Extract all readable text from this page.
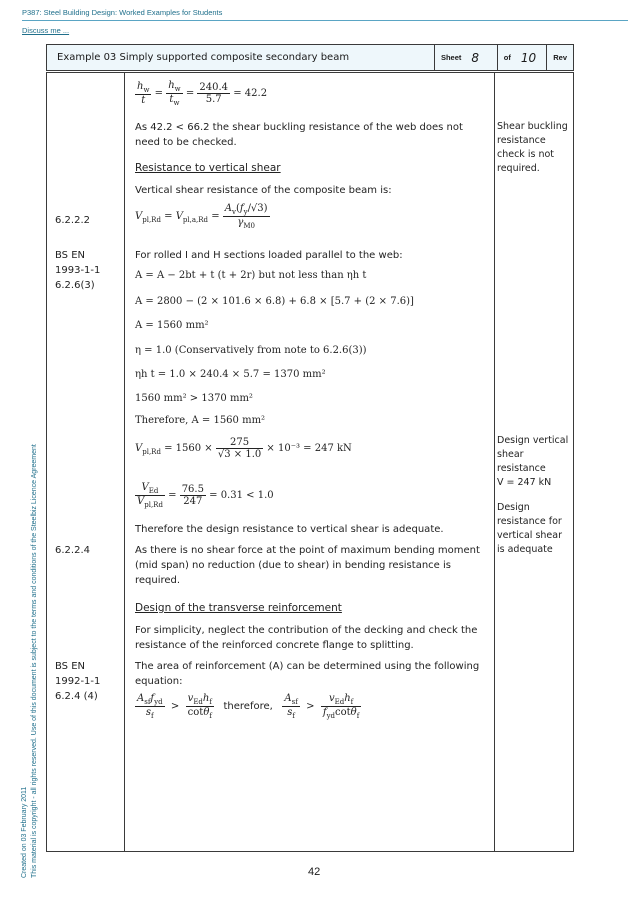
P387: Steel Building Design: Worked Examples for Students
Discuss me ...
Created on 03 February 2011 This material is copyright - all rights reserved. Use of this document is subject to the terms and conditions of the Steelbiz Licence Agreement
Example 03 Simply supported composite secondary beam	Sheet 8	of 10	Rev
$\frac{h_w}{t} = \frac{h_w}{t_w} = \frac{240.4}{5.7} = 42.2$
As 42.2 < 66.2 the shear buckling resistance of the web does not need to be checked.
Shear buckling resistance check is not required.
Resistance to vertical shear
Vertical shear resistance of the composite beam is:
6.2.2.2	$V_{pl,Rd} = V_{pl,a,Rd} = \frac{A_v(f_y/√3)}{\gamma_{M0}}$
BS EN
1993-1-1
6.2.6(3)
For rolled I and H sections loaded parallel to the web:
A = A − 2bt + t (t + 2r) but not less than ηh t
A = 2800 − (2 × 101.6 × 6.8) + 6.8 × [5.7 + (2 × 7.6)]
A = 1560 mm²
η = 1.0 (Conservatively from note to 6.2.6(3))
ηh t = 1.0 × 240.4 × 5.7 = 1370 mm²
1560 mm² > 1370 mm²
Therefore, A = 1560 mm²
$V_{pl,Rd} = 1560 \times \frac{275}{√3 \times 1.0} \times 10^{-3} = 247$ kN
Design vertical shear resistance
V = 247 kN
$\frac{V_{Ed}}{V_{pl,Rd}} = \frac{76.5}{247} = 0.31 < 1.0$
Design resistance for vertical shear is adequate
Therefore the design resistance to vertical shear is adequate.
6.2.2.4	As there is no shear force at the point of maximum bending moment (mid span) no reduction (due to shear) in bending resistance is required.
Design of the transverse reinforcement
For simplicity, neglect the contribution of the decking and check the resistance of the reinforced concrete flange to splitting.
BS EN
1992-1-1
6.2.4 (4)
The area of reinforcement (A) can be determined using the following equation:
$\frac{A_{sf}f_{yd}}{s_f} > \frac{v_{Ed}h_f}{\cot\theta_f}$ therefore, $\frac{A_{sf}}{s_f} > \frac{v_{Ed}h_f}{f_{yd}\cot\theta_f}$
42
